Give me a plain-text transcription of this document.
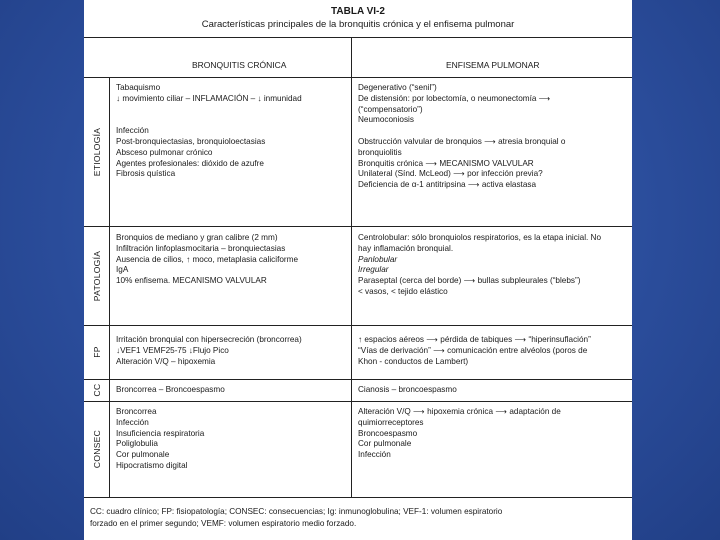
TABLA VI-2
Características principales de la bronquitis crónica y el enfisema pulmonar
BRONQUITIS CRÓNICA	ENFISEMA PULMONAR
ETIOLOGÍA
PATOLOGÍA
FP
CC
CONSEC
Tabaquismo
↓ movimiento ciliar – INFLAMACIÓN – ↓ inmunidad

Infección
Post-bronquiectasias, bronquioloectasias
Absceso pulmonar crónico
Agentes profesionales: dióxido de azufre
Fibrosis quística
Degenerativo (“senil”)
De distensión: por lobectomía, o neumonectomía ⟶
(“compensatorio”)
Neumoconiosis

Obstrucción valvular de bronquios ⟶ atresia bronquial o
bronquiolitis
Bronquitis crónica ⟶ MECANISMO VALVULAR
Unilateral (Sínd. McLeod) ⟶ por infección previa?
Deficiencia de α-1 antitripsina ⟶ activa elastasa
Bronquios de mediano y gran calibre (2 mm)
Infiltración linfoplasmocitaria – bronquiectasias
Ausencia de cilios, ↑ moco, metaplasia caliciforme
IgA
10% enfisema. MECANISMO VALVULAR
Centrolobular: sólo bronquiolos respiratorios, es la etapa inicial. No
hay inflamación bronquial.
Panlobular
Irregular
Paraseptal (cerca del borde) ⟶ bullas subpleurales (“blebs”)
< vasos, < tejido elástico
Irritación bronquial con hipersecreción (broncorrea)
↓VEF1 VEMF25-75 ↓Flujo Pico
Alteración V/Q – hipoxemia
↑ espacios aéreos ⟶ pérdida de tabiques ⟶ “hiperinsuflación”
“Vías de derivación” ⟶ comunicación entre alvéolos (poros de
Khon - conductos de Lambert)
Broncorrea – Broncoespasmo	Cianosis – broncoespasmo
Broncorrea
Infección
Insuficiencia respiratoria
Poliglobulia
Cor pulmonale
Hipocratismo digital
Alteración V/Q ⟶ hipoxemia crónica ⟶ adaptación de
quimiorreceptores
Broncoespasmo
Cor pulmonale
Infección
CC: cuadro clínico; FP: fisiopatología; CONSEC: consecuencias; Ig: inmunoglobulina; VEF-1: volumen espiratorio
forzado en el primer segundo; VEMF: volumen espiratorio medio forzado.
